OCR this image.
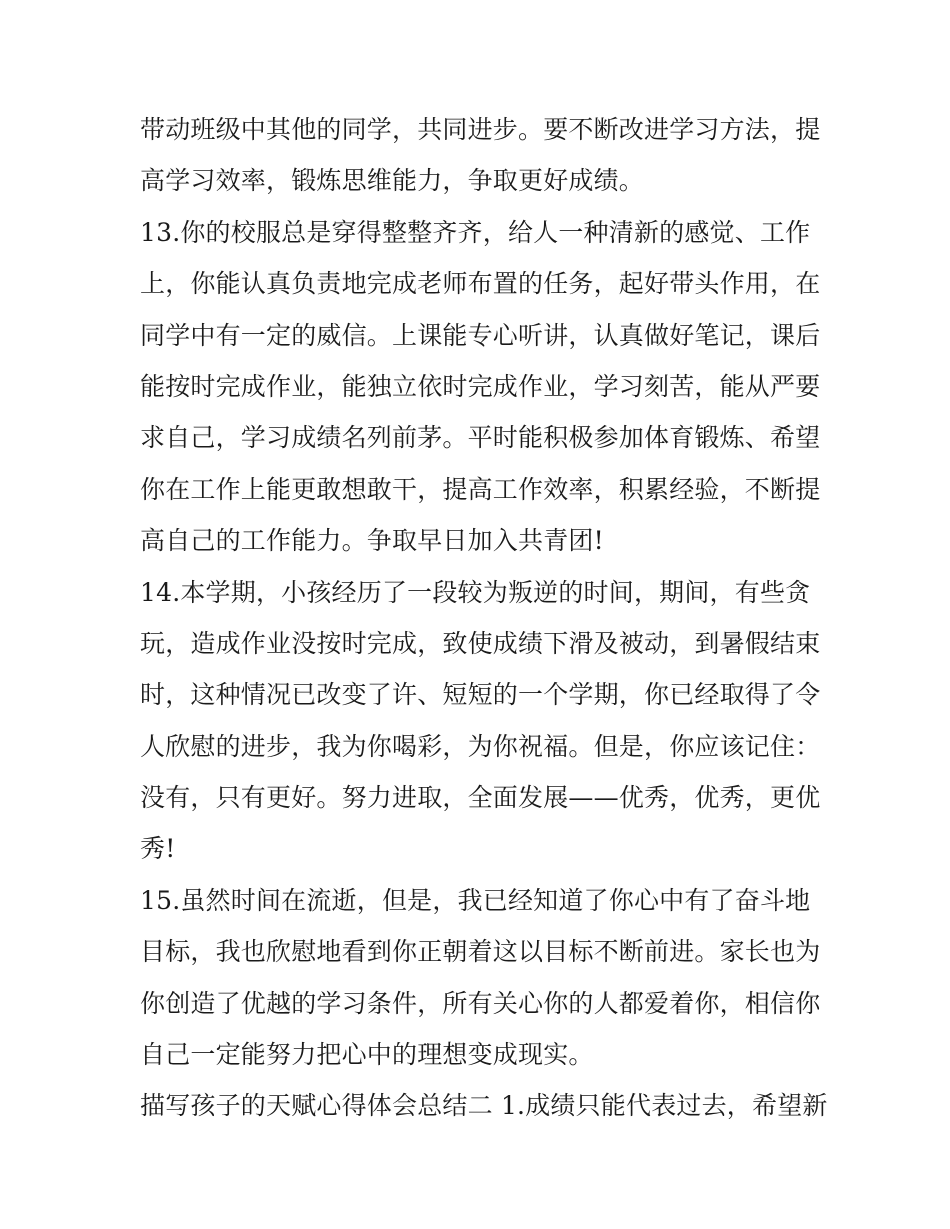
带动班级中其他的同学，共同进步。要不断改进学习方法，提
高学习效率，锻炼思维能力，争取更好成绩。
13.你的校服总是穿得整整齐齐，给人一种清新的感觉、工作
上，你能认真负责地完成老师布置的任务，起好带头作用，在
同学中有一定的威信。上课能专心听讲，认真做好笔记，课后
能按时完成作业，能独立依时完成作业，学习刻苦，能从严要
求自己，学习成绩名列前茅。平时能积极参加体育锻炼、希望
你在工作上能更敢想敢干，提高工作效率，积累经验，不断提
高自己的工作能力。争取早日加入共青团!
14.本学期，小孩经历了一段较为叛逆的时间，期间，有些贪
玩，造成作业没按时完成，致使成绩下滑及被动，到暑假结束
时，这种情况已改变了许、短短的一个学期，你已经取得了令
人欣慰的进步，我为你喝彩，为你祝福。但是，你应该记住：
没有，只有更好。努力进取，全面发展——优秀，优秀，更优
秀!
15.虽然时间在流逝，但是，我已经知道了你心中有了奋斗地
目标，我也欣慰地看到你正朝着这以目标不断前进。家长也为
你创造了优越的学习条件，所有关心你的人都爱着你，相信你
自己一定能努力把心中的理想变成现实。
描写孩子的天赋心得体会总结二 1.成绩只能代表过去，希望新
